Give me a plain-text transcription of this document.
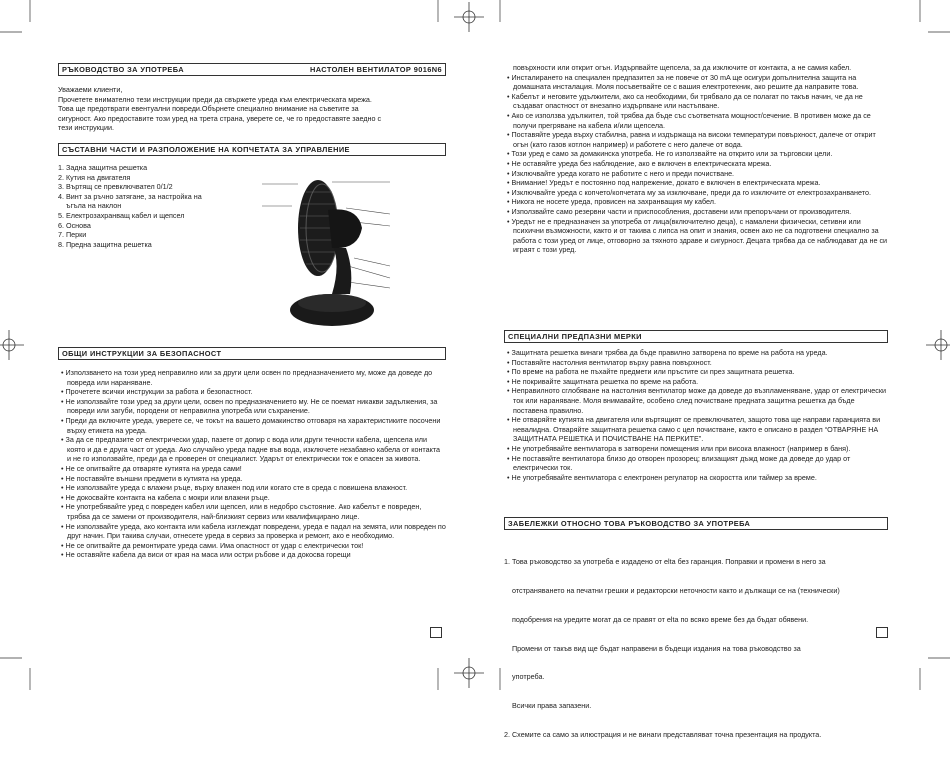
РЪКОВОДСТВО ЗА УПОТРЕБА	НАСТОЛЕН ВЕНТИЛАТОР 9016N6

Уважаеми клиенти,

Прочетете внимателно тези инструкции преди да свържете уреда към електрическата мрежа.

Това ще предотврати евентуални повреди.Обърнете специално внимание на съветите за

сигурност. Ако предоставите този уред на трета страна, уверете се, че го предоставяте заедно с

тези инструкции.

СЪСТАВНИ ЧАСТИ И РАЗПОЛОЖЕНИЕ НА КОПЧЕТАТА ЗА УПРАВЛЕНИЕ

1. Задна защитна решетка

2. Кутия на двигателя

3. Въртящ се превключвател 0/1/2

4. Винт за ръчно затягане, за настройка на

ъгъла на наклон

5. Електрозахранващ кабел и щепсел

6. Основа

7. Перки

8. Предна защитна решетка

ОБЩИ ИНСТРУКЦИИ ЗА БЕЗОПАСНОСТ

• Използването на този уред неправилно или за други цели освен по предназначението му, може да доведе до повреда или нараняване.

• Прочетете всички инструкции за работа и безопастност.

• Не използвайте този уред за други цели, освен по предназначението му. Не се поемат никакви задължения, за повреди или загуби, породени от неправилна употреба или съхранение.

• Преди да включите уреда, уверете се, че токът на вашето домакинство отговаря на характеристиките посочени върху етикета на уреда.

• За да се предпазите от електрически удар, пазете от допир с вода или други течности кабела, щепсела или която и да е друга част от уреда. Ако случайно уреда падне във вода, изключете незабавно кабела от контакта и не го използвайте, преди да е проверен от специалист. Ударът от електрически ток е опасен за живота.

• Не се опитвайте да отваряте кутията на уреда сами!

• Не поставяйте външни предмети в кутията на уреда.

• Не използвайте уреда с влажни ръце, върху влажен под или когато сте в среда с повишена влажност.

• Не докосвайте контакта на кабела с мокри или влажни ръце.

• Не употребявайте уред с повреден кабел или щепсел, или в недобро състояние. Ако кабелът е повреден, трябва да се замени от производителя, най-близкият сервиз или квалифицирано лице.

• Не използвайте уреда, ако контакта или кабела изглеждат повредени, уреда е падал на земята, или повреден по друг начин. При такива случаи, отнесете уреда в сервиз за проверка и ремонт, ако е необходимо.

• Не се опитвайте да ремонтирате уреда сами. Има опастност от удар с електрически ток!

• Не оставяйте кабела да виси от края на маса или остри ръбове и да докосва горещи

повърхности или открит огън. Издърпвайте щепсела, за да изключите от контакта, а не самия кабел.

• Инсталирането на специален предпазител за не повече от 30 mA ще осигури допълнителна защита на домашната инсталация. Моля посъветвайте се с вашия електротехник, ако решите да направите това.

• Кабелът и неговите удължители, ако са необходими, би трябвало да се полагат по такъв начин, че да не създават опастност от внезапно издърпване или настъпване.

• Ако се използва удължител, той трябва да бъде със съответната мощност/сечение. В противен може да се получи прегряване на кабела и/или щепсела.

• Поставяйте уреда върху стабилна, равна и издържаща на високи температури повърхност, далече от открит огън (като газов котлон например) и работете с него далече от вода.

• Този уред е само за домакинска употреба. Не го използвайте на открито или за търговски цели.

• Не оставяйте уреда без наблюдение, ако е включен в електрическата мрежа.

• Изключвайте уреда когато не работите с него и преди почистване.

• Внимание! Уредът е постоянно под напрежение, докато е включен в електрическата мрежа.

• Изключвайте уреда с копчето/копчетата му за изключване, преди да го изключите от електрозахранването.

• Никога не носете уреда, провисен на захранващия му кабел.

• Използвайте само резервни части и приспособления, доставени или препоръчани от производителя.

• Уредът не е предназначен за употреба от лица(включително деца), с намалени физически, сетивни или психични възможности, както и от такива с липса на опит и знания, освен ако не са подготвени специално за работа с този уред от лице, отговорно за тяхното здраве и сигурност. Децата трябва да се наблюдават да не си играят с този уред.

СПЕЦИАЛНИ ПРЕДПАЗНИ МЕРКИ

• Защитната решетка винаги трябва да бъде правилно затворена по време на работа на уреда.

• Поставяйте настолния вентилатор върху равна повърхност.

• По време на работа не пъхайте предмети или пръстите си през защитната решетка.

• Не покривайте защитната решетка по време на работа.

• Неправилното сглобяване на настолния вентилатор може да доведе до възпламеняване, удар от електрически ток или нараняване. Моля внимавайте, особено след почистване предната защитна решетка да бъде поставена правилно.

• Не отваряйте кутията на двигателя или въртящият се превключвател, защото това ще направи гаранцията ви невалидна. Отваряйте защитната решетка само с цел почистване, както е описано в раздел “ОТВАРЯНЕ НА ЗАЩИТНАТА РЕШЕТКА И ПОЧИСТВАНЕ НА ПЕРКИТЕ”.

• Не употребявайте вентилатора в затворени помещения или при висока влажност (например в баня).

• Не поставяйте вентилатора близо до отворен прозорец; влизащият дъжд може да доведе до удар от електрически ток.

• Не употребявайте вентилатора с електронен регулатор на скоростта или таймер за време.

ЗАБЕЛЕЖКИ ОТНОСНО ТОВА РЪКОВОДСТВО ЗА УПОТРЕБА

1. Това ръководство за употреба е издадено от elta без гаранция. Поправки и промени в него за

отстраняването на печатни грешки и редакторски неточности както и дължащи се на (технически)

подобрения на уредите могат да се правят от elta по всяко време без да бъдат обявени.

Промени от такъв вид ще бъдат направени в бъдещи издания на това ръководство за

употреба.

Всички права запазени.

2. Схемите са само за илюстрация и не винаги представляват точна презентация на продукта.
